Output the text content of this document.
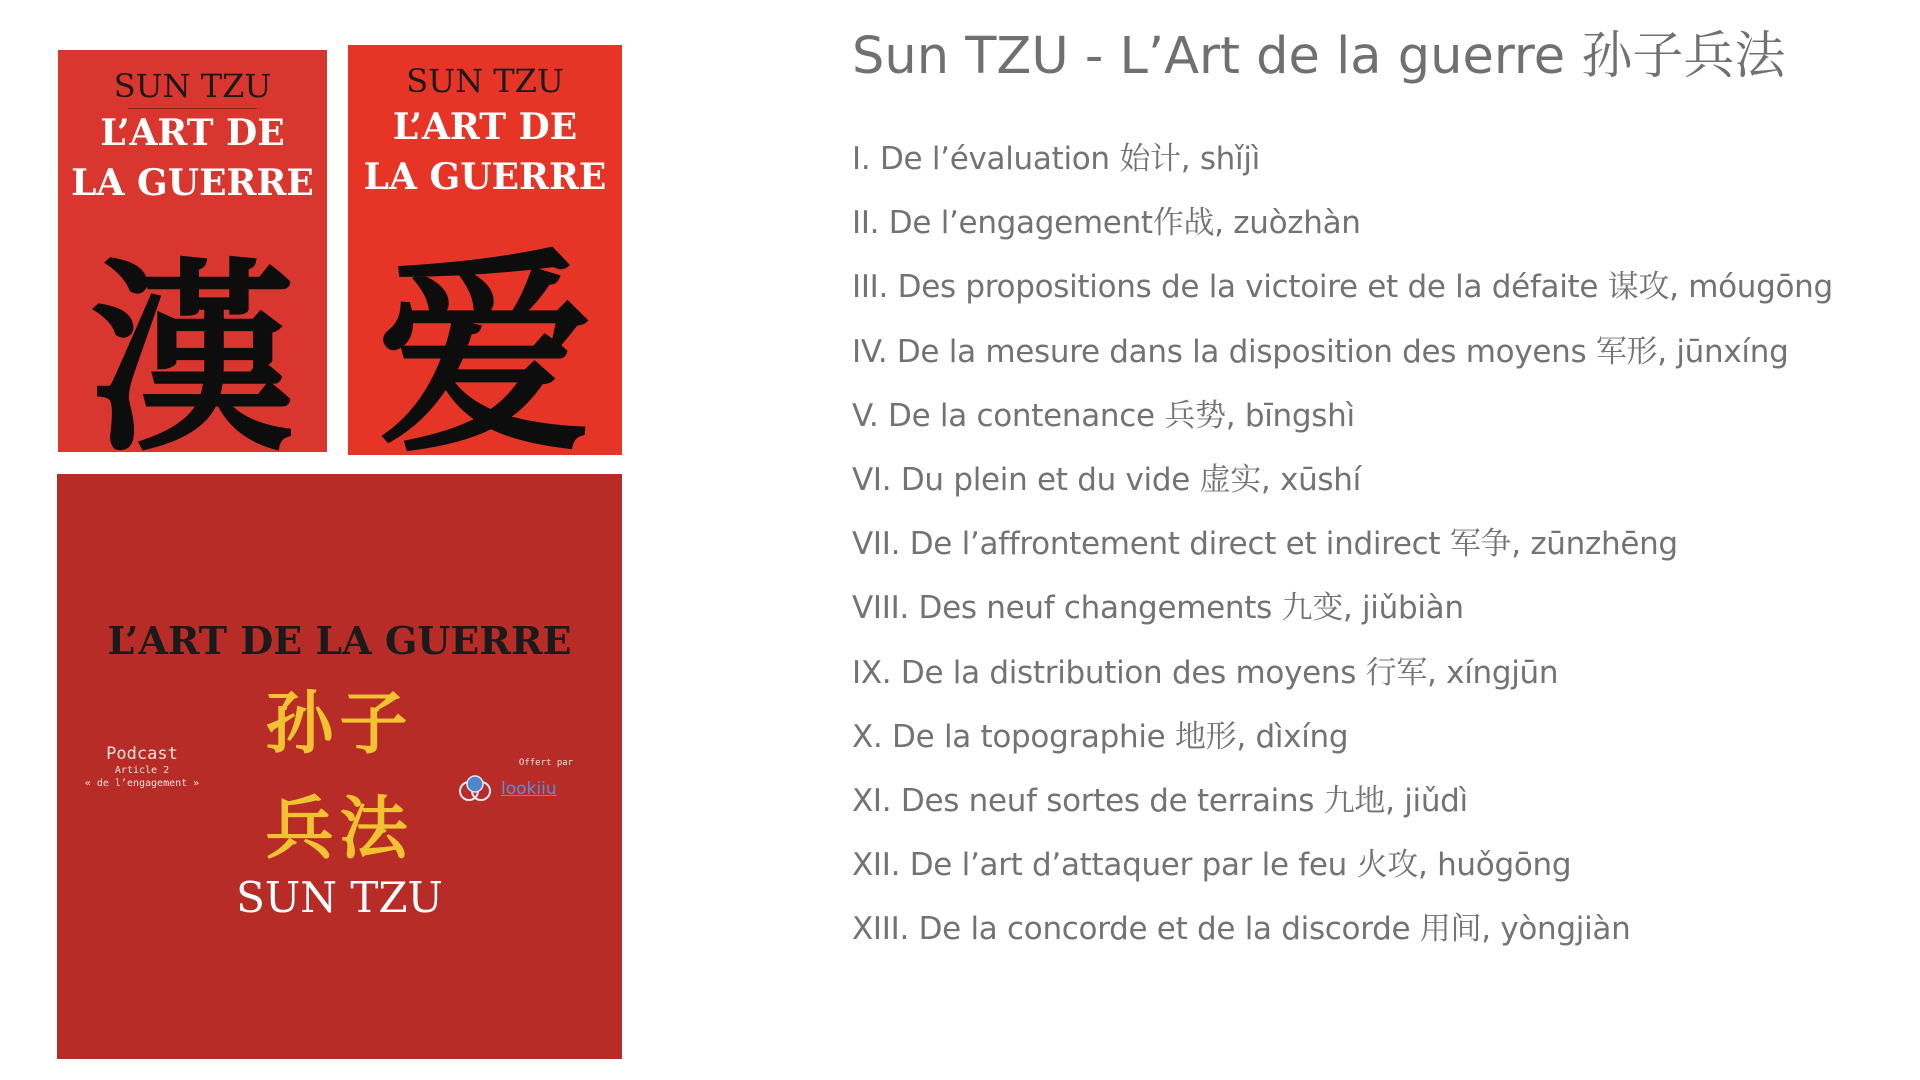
SUN TZU
L’ART DE
LA GUERRE
漢
SUN TZU
L’ART DE
LA GUERRE
爱
L’ART DE LA GUERRE
孙子
兵法
SUN TZU
Podcast
Article 2
« de l’engagement »
Offert par
lookiiu
Sun TZU - L’Art de la guerre 孙子兵法
I. De l’évaluation 始计, shǐjì
II. De l’engagement作战, zuòzhàn
III. Des propositions de la victoire et de la défaite 谋攻, móugōng
IV. De la mesure dans la disposition des moyens 军形, jūnxíng
V. De la contenance 兵势, bīngshì
VI. Du plein et du vide 虚实, xūshí
VII. De l’affrontement direct et indirect 军争, zūnzhēng
VIII. Des neuf changements 九变, jiǔbiàn
IX. De la distribution des moyens 行军, xíngjūn
X. De la topographie 地形, dìxíng
XI. Des neuf sortes de terrains 九地, jiǔdì
XII. De l’art d’attaquer par le feu 火攻, huǒgōng
XIII. De la concorde et de la discorde 用间, yòngjiàn
